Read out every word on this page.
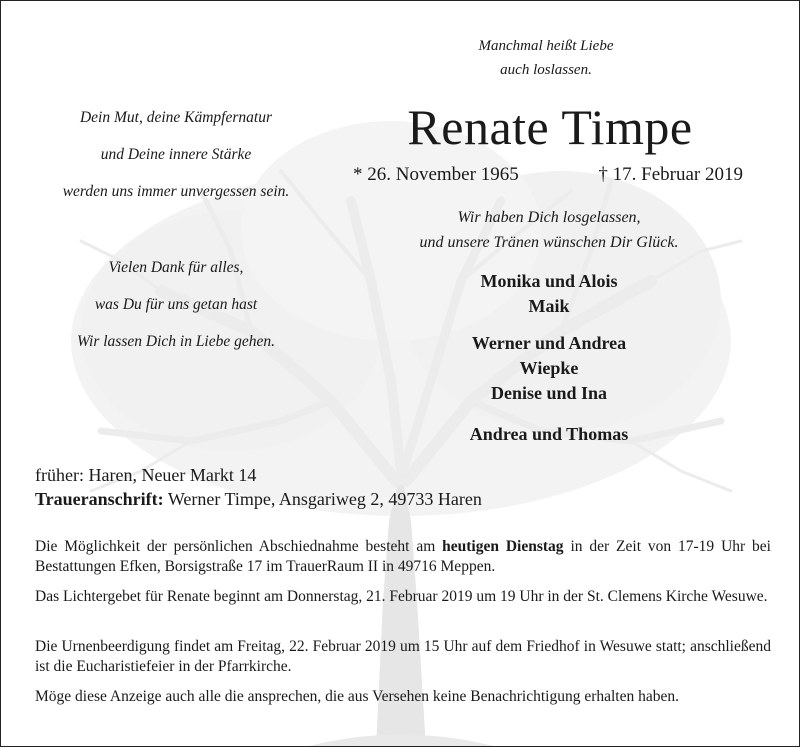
Manchmal heißt Liebe
auch loslassen.
Dein Mut, deine Kämpfernatur
und Deine innere Stärke
werden uns immer unvergessen sein.
Vielen Dank für alles,
was Du für uns getan hast
Wir lassen Dich in Liebe gehen.
Renate Timpe
* 26. November 1965	† 17. Februar 2019
Wir haben Dich losgelassen,
und unsere Tränen wünschen Dir Glück.
Monika und Alois
Maik
Werner und Andrea
Wiepke
Denise und Ina
Andrea und Thomas
früher: Haren, Neuer Markt 14
Traueranschrift: Werner Timpe, Ansgariweg 2, 49733 Haren
Die Möglichkeit der persönlichen Abschiednahme besteht am heutigen Dienstag in der Zeit von 17-19 Uhr bei Bestattungen Efken, Borsigstraße 17 im TrauerRaum II in 49716 Meppen.
Das Lichtergebet für Renate beginnt am Donnerstag, 21. Februar 2019 um 19 Uhr in der St. Clemens Kirche Wesuwe.
Die Urnenbeerdigung findet am Freitag, 22. Februar 2019 um 15 Uhr auf dem Friedhof in Wesuwe statt; anschließend ist die Eucharistiefeier in der Pfarrkirche.
Möge diese Anzeige auch alle die ansprechen, die aus Versehen keine Benachrichtigung erhalten haben.
